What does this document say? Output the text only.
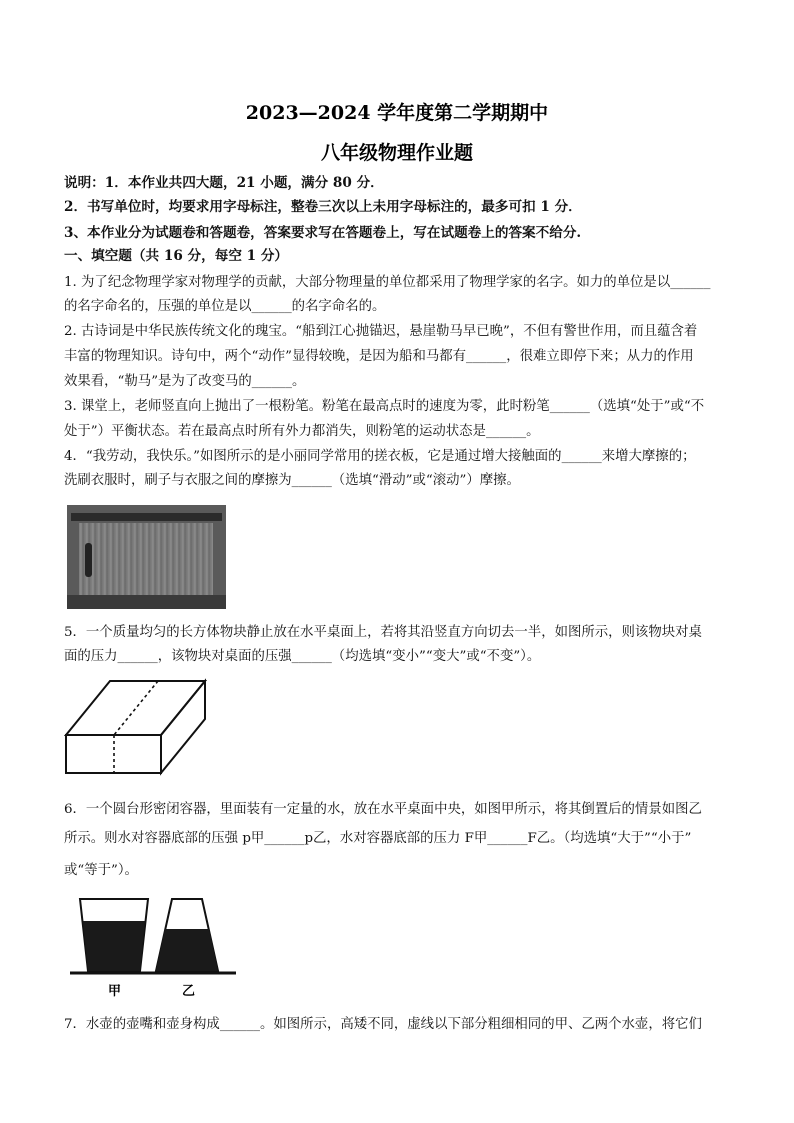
2023—2024 学年度第二学期期中
八年级物理作业题
说明：1．本作业共四大题，21 小题，满分 80 分．
2．书写单位时，均要求用字母标注，整卷三次以上未用字母标注的，最多可扣 1 分．
3、本作业分为试题卷和答题卷，答案要求写在答题卷上，写在试题卷上的答案不给分.
一、填空题（共 16 分，每空 1 分）
1. 为了纪念物理学家对物理学的贡献，大部分物理量的单位都采用了物理学家的名字。如力的单位是以______
的名字命名的，压强的单位是以______的名字命名的。
2. 古诗词是中华民族传统文化的瑰宝。“船到江心抛锚迟，悬崖勒马早已晚”，不但有警世作用，而且蕴含着
丰富的物理知识。诗句中，两个“动作”显得较晚，是因为船和马都有______，很难立即停下来；从力的作用
效果看，“勒马”是为了改变马的______。
3. 课堂上，老师竖直向上抛出了一根粉笔。粉笔在最高点时的速度为零，此时粉笔______（选填“处于”或“不
处于”）平衡状态。若在最高点时所有外力都消失，则粉笔的运动状态是______。
4．“我劳动，我快乐。”如图所示的是小丽同学常用的搓衣板，它是通过增大接触面的______来增大摩擦的；
洗刷衣服时，刷子与衣服之间的摩擦为______（选填“滑动”或“滚动”）摩擦。
5．一个质量均匀的长方体物块静止放在水平桌面上，若将其沿竖直方向切去一半，如图所示，则该物块对桌
面的压力______，该物块对桌面的压强______（均选填“变小”“变大”或“不变”）。
6．一个圆台形密闭容器，里面装有一定量的水，放在水平桌面中央，如图甲所示，将其倒置后的情景如图乙
所示。则水对容器底部的压强 p甲______p乙，水对容器底部的压力 F甲______F乙。（均选填“大于”“小于”
或“等于”）。
甲	乙
7．水壶的壶嘴和壶身构成______。如图所示，高矮不同，虚线以下部分粗细相同的甲、乙两个水壶，将它们
